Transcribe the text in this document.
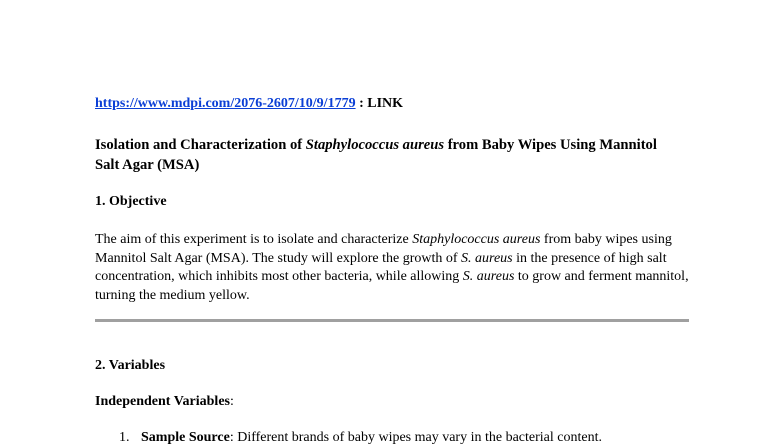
https://www.mdpi.com/2076-2607/10/9/1779 : LINK
Isolation and Characterization of Staphylococcus aureus from Baby Wipes Using Mannitol Salt Agar (MSA)
1. Objective

The aim of this experiment is to isolate and characterize Staphylococcus aureus from baby wipes using Mannitol Salt Agar (MSA). The study will explore the growth of S. aureus in the presence of high salt concentration, which inhibits most other bacteria, while allowing S. aureus to grow and ferment mannitol, turning the medium yellow.

2. Variables
Independent Variables:
1. Sample Source: Different brands of baby wipes may vary in the bacterial content.
